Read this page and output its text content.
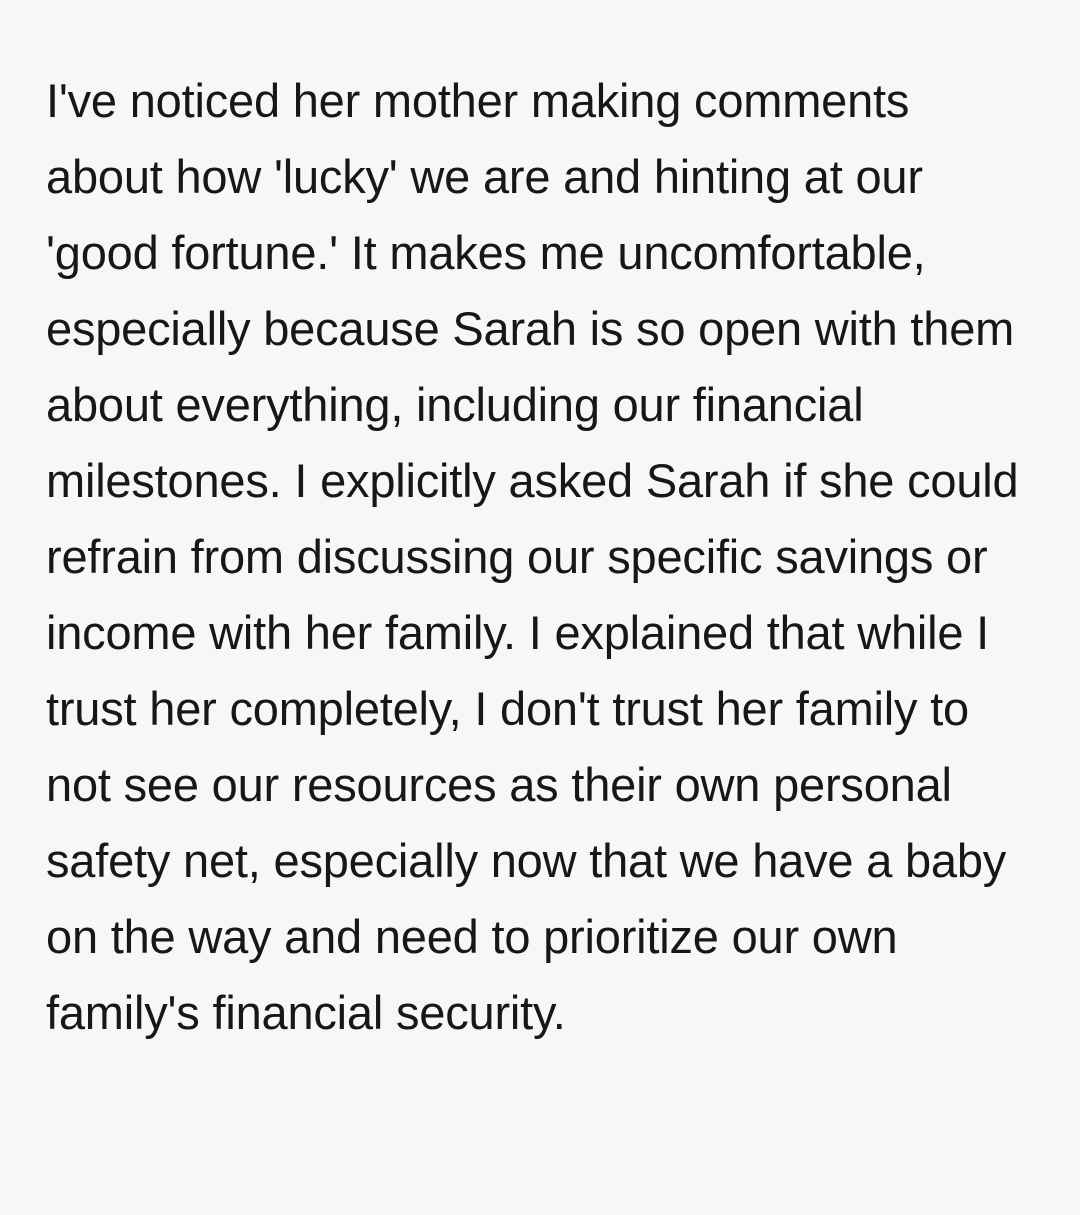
I've noticed her mother making comments about how 'lucky' we are and hinting at our 'good fortune.' It makes me uncomfortable, especially because Sarah is so open with them about everything, including our financial milestones. I explicitly asked Sarah if she could refrain from discussing our specific savings or income with her family. I explained that while I trust her completely, I don't trust her family to not see our resources as their own personal safety net, especially now that we have a baby on the way and need to prioritize our own family's financial security.
